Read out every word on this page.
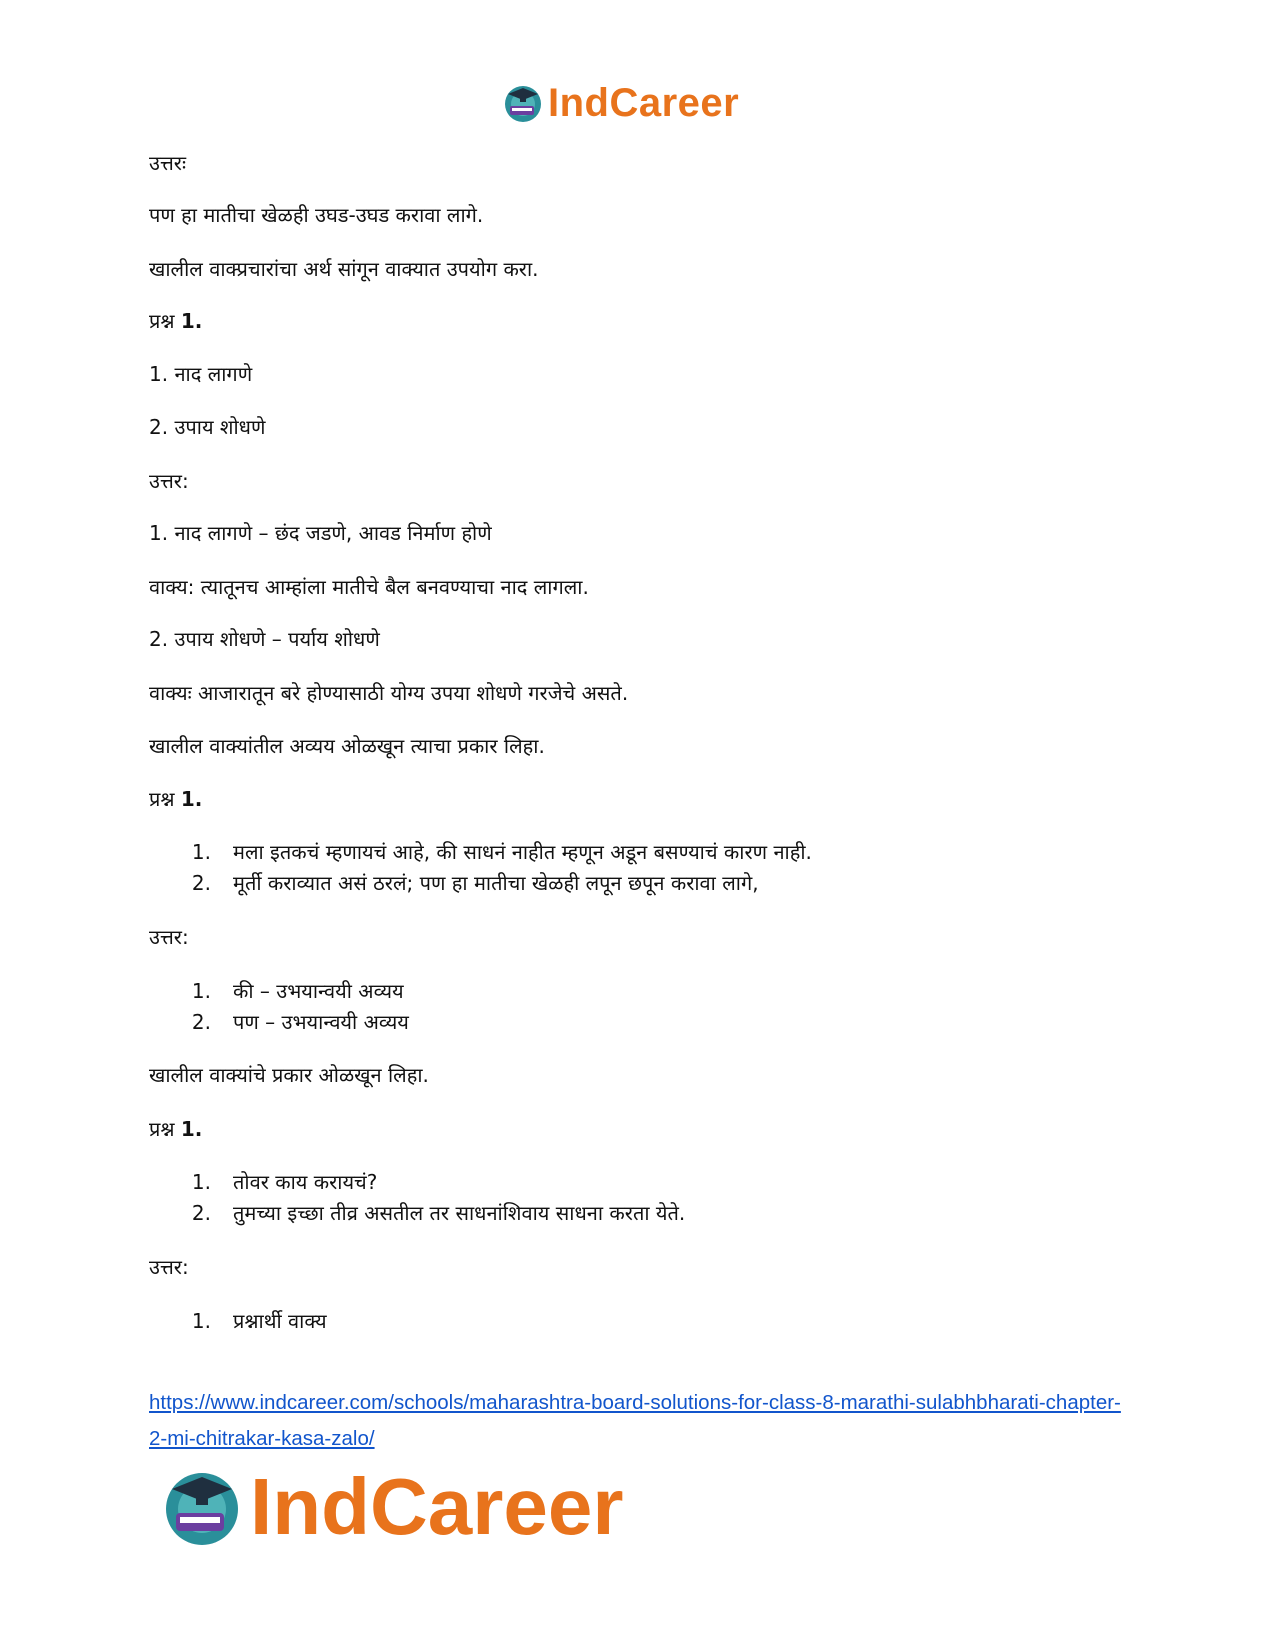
IndCareer
उत्तरः
पण हा मातीचा खेळही उघड-उघड करावा लागे.
खालील वाक्प्रचारांचा अर्थ सांगून वाक्यात उपयोग करा.
प्रश्न 1.
1. नाद लागणे
2. उपाय शोधणे
उत्तर:
1. नाद लागणे – छंद जडणे, आवड निर्माण होणे
वाक्य: त्यातूनच आम्हांला मातीचे बैल बनवण्याचा नाद लागला.
2. उपाय शोधणे – पर्याय शोधणे
वाक्यः आजारातून बरे होण्यासाठी योग्य उपया शोधणे गरजेचे असते.
खालील वाक्यांतील अव्यय ओळखून त्याचा प्रकार लिहा.
प्रश्न 1.
1. मला इतकचं म्हणायचं आहे, की साधनं नाहीत म्हणून अडून बसण्याचं कारण नाही.
2. मूर्ती कराव्यात असं ठरलं; पण हा मातीचा खेळही लपून छपून करावा लागे,
उत्तर:
1. की – उभयान्वयी अव्यय
2. पण – उभयान्वयी अव्यय
खालील वाक्यांचे प्रकार ओळखून लिहा.
प्रश्न 1.
1. तोवर काय करायचं?
2. तुमच्या इच्छा तीव्र असतील तर साधनांशिवाय साधना करता येते.
उत्तर:
1. प्रश्नार्थी वाक्य
https://www.indcareer.com/schools/maharashtra-board-solutions-for-class-8-marathi-sulabhbharati-chapter-2-mi-chitrakar-kasa-zalo/
IndCareer
